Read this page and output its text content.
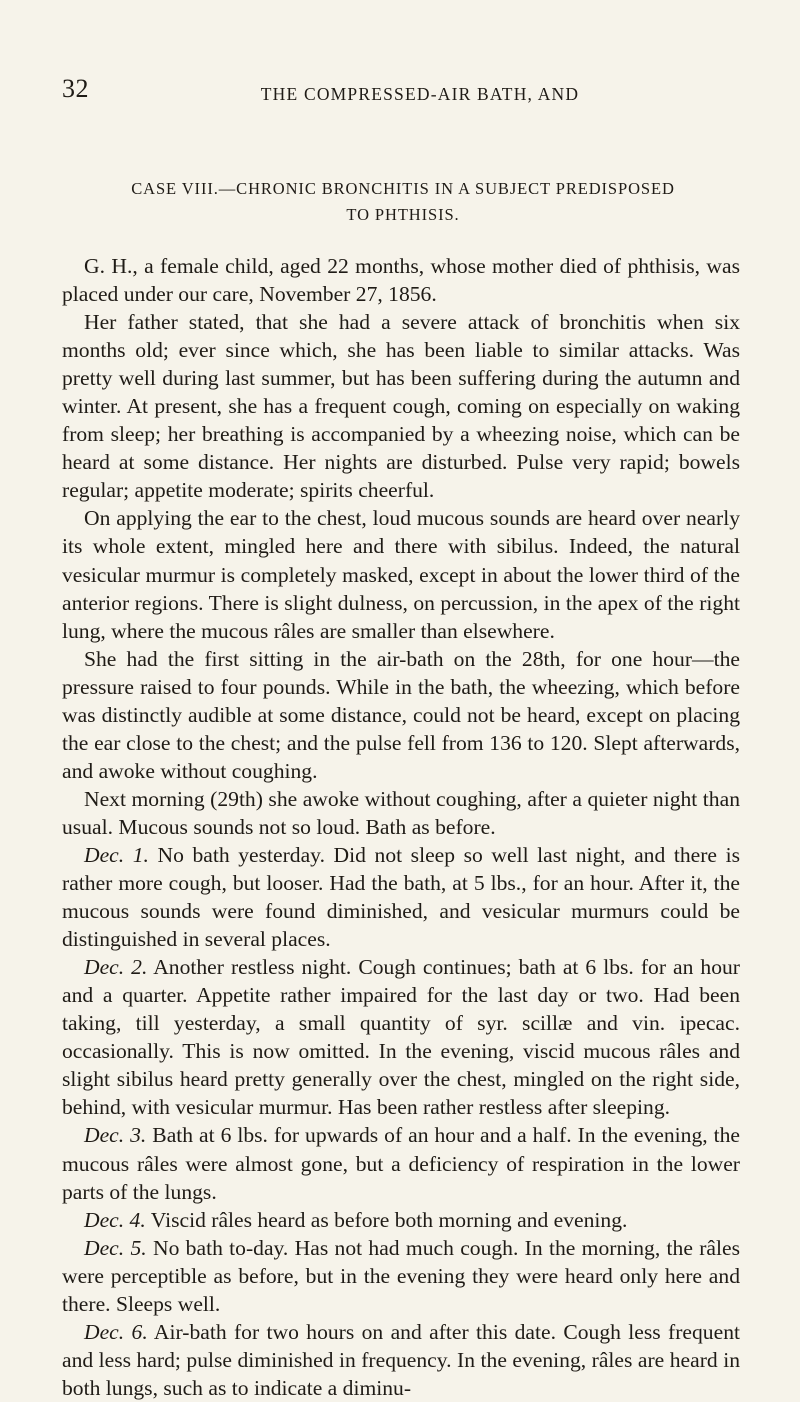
32	THE COMPRESSED-AIR BATH, AND
CASE VIII.—CHRONIC BRONCHITIS IN A SUBJECT PREDISPOSED
TO PHTHISIS.

G. H., a female child, aged 22 months, whose mother died of phthisis, was placed under our care, November 27, 1856.

Her father stated, that she had a severe attack of bronchitis when six months old; ever since which, she has been liable to similar attacks. Was pretty well during last summer, but has been suffering during the autumn and winter. At present, she has a frequent cough, coming on especially on waking from sleep; her breathing is accompanied by a wheezing noise, which can be heard at some distance. Her nights are disturbed. Pulse very rapid; bowels regular; appetite moderate; spirits cheerful.

On applying the ear to the chest, loud mucous sounds are heard over nearly its whole extent, mingled here and there with sibilus. Indeed, the natural vesicular murmur is completely masked, except in about the lower third of the anterior regions. There is slight dulness, on percussion, in the apex of the right lung, where the mucous râles are smaller than elsewhere.

She had the first sitting in the air-bath on the 28th, for one hour—the pressure raised to four pounds. While in the bath, the wheezing, which before was distinctly audible at some distance, could not be heard, except on placing the ear close to the chest; and the pulse fell from 136 to 120. Slept afterwards, and awoke without coughing.

Next morning (29th) she awoke without coughing, after a quieter night than usual. Mucous sounds not so loud. Bath as before.

Dec. 1. No bath yesterday. Did not sleep so well last night, and there is rather more cough, but looser. Had the bath, at 5 lbs., for an hour. After it, the mucous sounds were found diminished, and vesicular murmurs could be distinguished in several places.

Dec. 2. Another restless night. Cough continues; bath at 6 lbs. for an hour and a quarter. Appetite rather impaired for the last day or two. Had been taking, till yesterday, a small quantity of syr. scillæ and vin. ipecac. occasionally. This is now omitted. In the evening, viscid mucous râles and slight sibilus heard pretty generally over the chest, mingled on the right side, behind, with vesicular murmur. Has been rather restless after sleeping.

Dec. 3. Bath at 6 lbs. for upwards of an hour and a half. In the evening, the mucous râles were almost gone, but a deficiency of respiration in the lower parts of the lungs.

Dec. 4. Viscid râles heard as before both morning and evening.

Dec. 5. No bath to-day. Has not had much cough. In the morning, the râles were perceptible as before, but in the evening they were heard only here and there. Sleeps well.

Dec. 6. Air-bath for two hours on and after this date. Cough less frequent and less hard; pulse diminished in frequency. In the evening, râles are heard in both lungs, such as to indicate a diminu-
